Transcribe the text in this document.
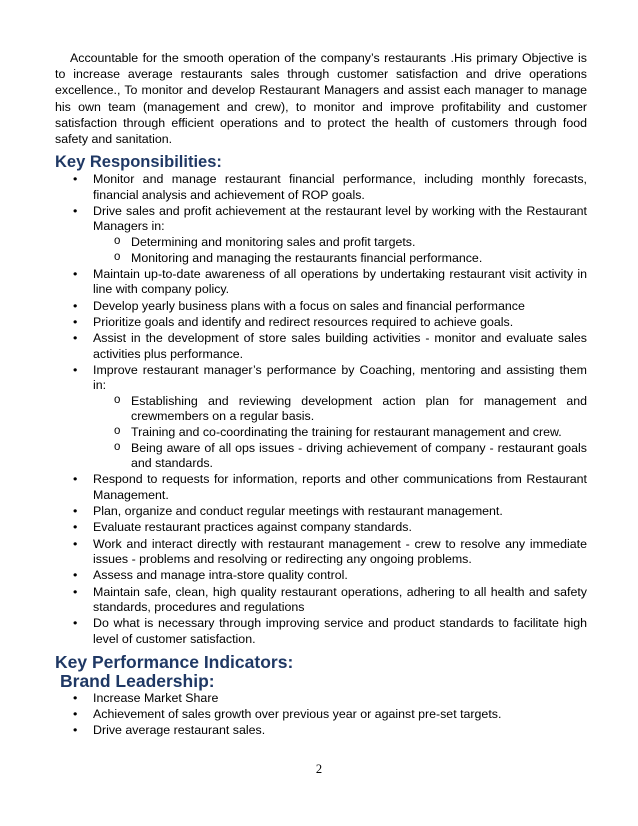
Accountable for the smooth operation of the company’s restaurants .His primary Objective is to increase average restaurants sales through customer satisfaction and drive operations excellence., To monitor and develop Restaurant Managers and assist each manager to manage his own team (management and crew), to monitor and improve profitability and customer satisfaction through efficient operations and to protect the health of customers through food safety and sanitation.

Key Responsibilities:
• Monitor and manage restaurant financial performance, including monthly forecasts, financial analysis and achievement of ROP goals.
• Drive sales and profit achievement at the restaurant level by working with the Restaurant Managers in:
o Determining and monitoring sales and profit targets.
o Monitoring and managing the restaurants financial performance.
• Maintain up-to-date awareness of all operations by undertaking restaurant visit activity in line with company policy.
• Develop yearly business plans with a focus on sales and financial performance
• Prioritize goals and identify and redirect resources required to achieve goals.
• Assist in the development of store sales building activities - monitor and evaluate sales activities plus performance.
• Improve restaurant manager’s performance by Coaching, mentoring and assisting them in:
o Establishing and reviewing development action plan for management and crewmembers on a regular basis.
o Training and co-coordinating the training for restaurant management and crew.
o Being aware of all ops issues - driving achievement of company - restaurant goals and standards.
• Respond to requests for information, reports and other communications from Restaurant Management.
• Plan, organize and conduct regular meetings with restaurant management.
• Evaluate restaurant practices against company standards.
• Work and interact directly with restaurant management - crew to resolve any immediate issues - problems and resolving or redirecting any ongoing problems.
• Assess and manage intra-store quality control.
• Maintain safe, clean, high quality restaurant operations, adhering to all health and safety standards, procedures and regulations
• Do what is necessary through improving service and product standards to facilitate high level of customer satisfaction.
Key Performance Indicators:
Brand Leadership:
• Increase Market Share
• Achievement of sales growth over previous year or against pre-set targets.
• Drive average restaurant sales.
2
